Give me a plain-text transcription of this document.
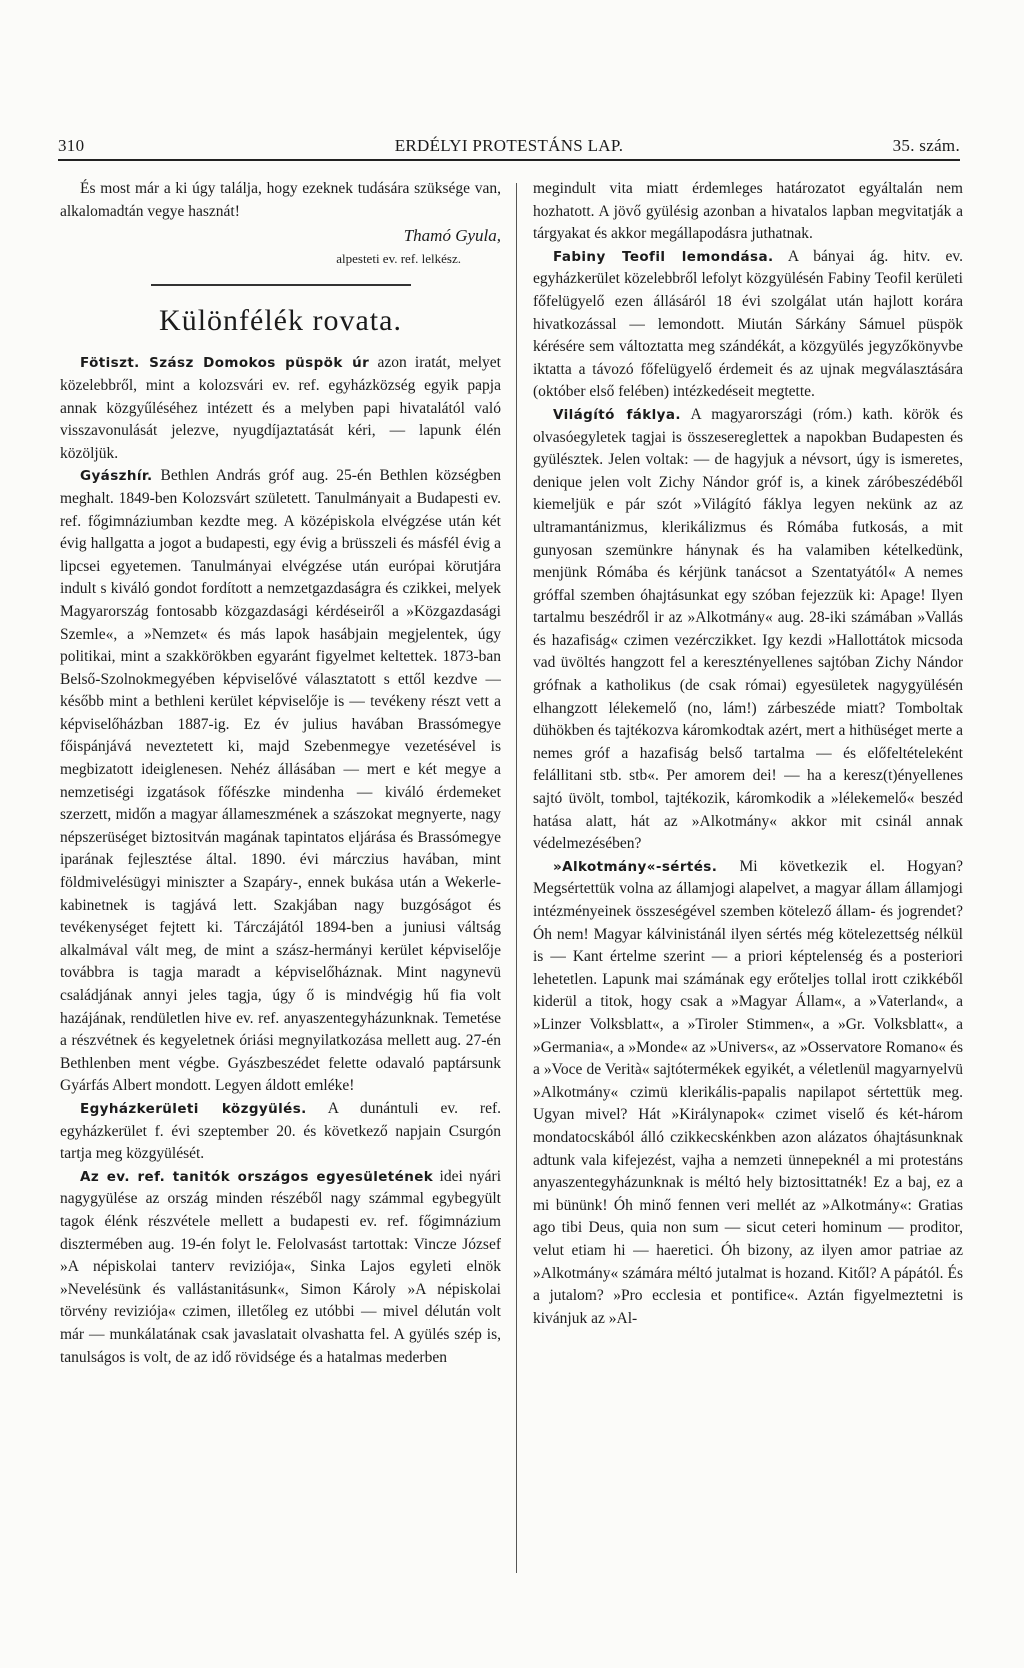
310	ERDÉLYI PROTESTÁNS LAP.	35. szám.

És most már a ki úgy találja, hogy ezeknek tudására szüksége van, alkalomadtán vegye hasznát!

Thamó Gyula,
alpesteti ev. ref. lelkész.
Különfélék rovata.

Fötiszt. Szász Domokos püspök úr azon iratát, melyet közelebbről, mint a kolozsvári ev. ref. egyházközség egyik papja annak közgyűléséhez intézett és a melyben papi hivatalától való visszavonulását jelezve, nyugdíjaztatását kéri, — lapunk élén közöljük.

Gyászhír. Bethlen András gróf aug. 25-én Bethlen községben meghalt. 1849-ben Kolozsvárt született. Tanulmányait a Budapesti ev. ref. főgimnáziumban kezdte meg. A középiskola elvégzése után két évig hallgatta a jogot a budapesti, egy évig a brüsszeli és másfél évig a lipcsei egyetemen. Tanulmányai elvégzése után európai körutjára indult s kiváló gondot fordított a nemzetgazdaságra és czikkei, melyek Magyarország fontosabb közgazdasági kérdéseiről a »Közgazdasági Szemle«, a »Nemzet« és más lapok hasábjain megjelentek, úgy politikai, mint a szakkörökben egyaránt figyelmet keltettek. 1873-ban Belső-Szolnokmegyében képviselővé választatott s ettől kezdve — később mint a bethleni kerület képviselője is — tevékeny részt vett a képviselőházban 1887-ig. Ez év julius havában Brassómegye főispánjává neveztetett ki, majd Szebenmegye vezetésével is megbizatott ideiglenesen. Nehéz állásában — mert e két megye a nemzetiségi izgatások főfészke mindenha — kiváló érdemeket szerzett, midőn a magyar állameszmének a szászokat megnyerte, nagy népszerüséget biztositván magának tapintatos eljárása és Brassómegye iparának fejlesztése által. 1890. évi márczius havában, mint földmivelésügyi miniszter a Szapáry-, ennek bukása után a Wekerle-kabinetnek is tagjává lett. Szakjában nagy buzgóságot és tevékenységet fejtett ki. Tárczájától 1894-ben a juniusi váltság alkalmával vált meg, de mint a szász-hermányi kerület képviselője továbbra is tagja maradt a képviselőháznak. Mint nagynevü családjának annyi jeles tagja, úgy ő is mindvégig hű fia volt hazájának, rendületlen hive ev. ref. anyaszentegyházunknak. Temetése a részvétnek és kegyeletnek óriási megnyilatkozása mellett aug. 27-én Bethlenben ment végbe. Gyászbeszédet felette odavaló paptársunk Gyárfás Albert mondott. Legyen áldott emléke!

Egyházkerületi közgyülés. A dunántuli ev. ref. egyházkerület f. évi szeptember 20. és következő napjain Csurgón tartja meg közgyülését.

Az ev. ref. tanitók országos egyesületének idei nyári nagygyülése az ország minden részéből nagy számmal egybegyült tagok élénk részvétele mellett a budapesti ev. ref. főgimnázium disztermében aug. 19-én folyt le. Felolvasást tartottak: Vincze József »A népiskolai tanterv reviziója«, Sinka Lajos egyleti elnök »Nevelésünk és vallástanitásunk«, Simon Károly »A népiskolai törvény reviziója« czimen, illetőleg ez utóbbi — mivel délután volt már — munkálatának csak javaslatait olvashatta fel. A gyülés szép is, tanulságos is volt, de az idő rövidsége és a hatalmas mederben

megindult vita miatt érdemleges határozatot egyáltalán nem hozhatott. A jövő gyülésig azonban a hivatalos lapban megvitatják a tárgyakat és akkor megállapodásra juthatnak.

Fabiny Teofil lemondása. A bányai ág. hitv. ev. egyházkerület közelebbről lefolyt közgyülésén Fabiny Teofil kerületi főfelügyelő ezen állásáról 18 évi szolgálat után hajlott korára hivatkozással — lemondott. Miután Sárkány Sámuel püspök kérésére sem változtatta meg szándékát, a közgyülés jegyzőkönyvbe iktatta a távozó főfelügyelő érdemeit és az ujnak megválasztására (október első felében) intézkedéseit megtette.

Világító fáklya. A magyarországi (róm.) kath. körök és olvasóegyletek tagjai is összesereglettek a napokban Budapesten és gyülésztek. Jelen voltak: — de hagyjuk a névsort, úgy is ismeretes, denique jelen volt Zichy Nándor gróf is, a kinek záróbeszédéből kiemeljük e pár szót »Világító fáklya legyen nekünk az az ultramantánizmus, klerikálizmus és Rómába futkosás, a mit gunyosan szemünkre hánynak és ha valamiben kételkedünk, menjünk Rómába és kérjünk tanácsot a Szentatyától« A nemes gróffal szemben óhajtásunkat egy szóban fejezzük ki: Apage! Ilyen tartalmu beszédről ir az »Alkotmány« aug. 28-iki számában »Vallás és hazafiság« czimen vezérczikket. Igy kezdi »Hallottátok micsoda vad üvöltés hangzott fel a keresztényellenes sajtóban Zichy Nándor grófnak a katholikus (de csak római) egyesületek nagygyülésén elhangzott lélekemelő (no, lám!) zárbeszéde miatt? Tomboltak dühökben és tajtékozva káromkodtak azért, mert a hithüséget merte a nemes gróf a hazafiság belső tartalma — és előfeltételeként felállitani stb. stb«. Per amorem dei! — ha a keresz(t)ényellenes sajtó üvölt, tombol, tajtékozik, káromkodik a »lélekemelő« beszéd hatása alatt, hát az »Alkotmány« akkor mit csinál annak védelmezésében?

»Alkotmány«-sértés. Mi következik el. Hogyan? Megsértettük volna az államjogi alapelvet, a magyar állam államjogi intézményeinek összeségével szemben kötelező állam- és jogrendet? Óh nem! Magyar kálvinistánál ilyen sértés még kötelezettség nélkül is — Kant értelme szerint — a priori képtelenség és a posteriori lehetetlen. Lapunk mai számának egy erőteljes tollal irott czikkéből kiderül a titok, hogy csak a »Magyar Állam«, a »Vaterland«, a »Linzer Volksblatt«, a »Tiroler Stimmen«, a »Gr. Volksblatt«, a »Germania«, a »Monde« az »Univers«, az »Osservatore Romano« és a »Voce de Verità« sajtótermékek egyikét, a véletlenül magyarnyelvü »Alkotmány« czimü klerikális-papalis napilapot sértettük meg. Ugyan mivel? Hát »Királynapok« czimet viselő és két-három mondatocskából álló czikkecskénkben azon alázatos óhajtásunknak adtunk vala kifejezést, vajha a nemzeti ünnepeknél a mi protestáns anyaszentegyházunknak is méltó hely biztosittatnék! Ez a baj, ez a mi bününk! Óh minő fennen veri mellét az »Alkotmány«: Gratias ago tibi Deus, quia non sum — sicut ceteri hominum — proditor, velut etiam hi — haeretici. Óh bizony, az ilyen amor patriae az »Alkotmány« számára méltó jutalmat is hozand. Kitől? A pápától. És a jutalom? »Pro ecclesia et pontifice«. Aztán figyelmeztetni is kivánjuk az »Al-
